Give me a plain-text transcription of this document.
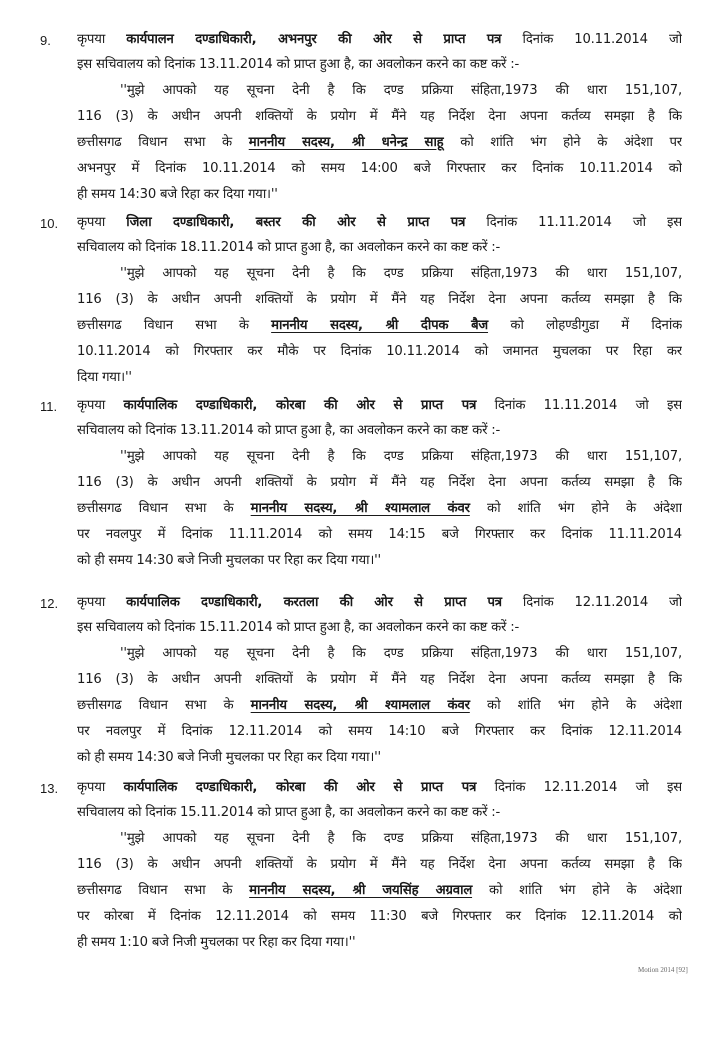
9. कृपया कार्यपालन दण्डाधिकारी, अभनपुर की ओर से प्राप्त पत्र दिनांक 10.11.2014 जो
इस सचिवालय को दिनांक 13.11.2014 को प्राप्त हुआ है, का अवलोकन करने का कष्ट करें :-
''मुझे आपको यह सूचना देनी है कि दण्ड प्रक्रिया संहिता,1973 की धारा 151,107,
116 (3) के अधीन अपनी शक्तियों के प्रयोग में मैंने यह निर्देश देना अपना कर्तव्य समझा है कि
छत्तीसगढ विधान सभा के माननीय सदस्य, श्री धनेन्द्र साहू को शांति भंग होने के अंदेशा पर
अभनपुर में दिनांक 10.11.2014 को समय 14:00 बजे गिरफ्तार कर दिनांक 10.11.2014 को
ही समय 14:30 बजे रिहा कर दिया गया।''
10. कृपया जिला दण्डाधिकारी, बस्तर की ओर से प्राप्त पत्र दिनांक 11.11.2014 जो इस
सचिवालय को दिनांक 18.11.2014 को प्राप्त हुआ है, का अवलोकन करने का कष्ट करें :-
''मुझे आपको यह सूचना देनी है कि दण्ड प्रक्रिया संहिता,1973 की धारा 151,107,
116 (3) के अधीन अपनी शक्तियों के प्रयोग में मैंने यह निर्देश देना अपना कर्तव्य समझा है कि
छत्तीसगढ विधान सभा के माननीय सदस्य, श्री दीपक बैज को लोहण्डीगुडा में दिनांक
10.11.2014 को गिरफ्तार कर मौके पर दिनांक 10.11.2014 को जमानत मुचलका पर रिहा कर
दिया गया।''
11. कृपया कार्यपालिक दण्डाधिकारी, कोरबा की ओर से प्राप्त पत्र दिनांक 11.11.2014 जो इस
सचिवालय को दिनांक 13.11.2014 को प्राप्त हुआ है, का अवलोकन करने का कष्ट करें :-
''मुझे आपको यह सूचना देनी है कि दण्ड प्रक्रिया संहिता,1973 की धारा 151,107,
116 (3) के अधीन अपनी शक्तियों के प्रयोग में मैंने यह निर्देश देना अपना कर्तव्य समझा है कि
छत्तीसगढ विधान सभा के माननीय सदस्य, श्री श्यामलाल कंवर को शांति भंग होने के अंदेशा
पर नवलपुर में दिनांक 11.11.2014 को समय 14:15 बजे गिरफ्तार कर दिनांक 11.11.2014
को ही समय 14:30 बजे निजी मुचलका पर रिहा कर दिया गया।''
12. कृपया कार्यपालिक दण्डाधिकारी, करतला की ओर से प्राप्त पत्र दिनांक 12.11.2014 जो
इस सचिवालय को दिनांक 15.11.2014 को प्राप्त हुआ है, का अवलोकन करने का कष्ट करें :-
''मुझे आपको यह सूचना देनी है कि दण्ड प्रक्रिया संहिता,1973 की धारा 151,107,
116 (3) के अधीन अपनी शक्तियों के प्रयोग में मैंने यह निर्देश देना अपना कर्तव्य समझा है कि
छत्तीसगढ विधान सभा के माननीय सदस्य, श्री श्यामलाल कंवर को शांति भंग होने के अंदेशा
पर नवलपुर में दिनांक 12.11.2014 को समय 14:10 बजे गिरफ्तार कर दिनांक 12.11.2014
को ही समय 14:30 बजे निजी मुचलका पर रिहा कर दिया गया।''
13. कृपया कार्यपालिक दण्डाधिकारी, कोरबा की ओर से प्राप्त पत्र दिनांक 12.11.2014 जो इस
सचिवालय को दिनांक 15.11.2014 को प्राप्त हुआ है, का अवलोकन करने का कष्ट करें :-
''मुझे आपको यह सूचना देनी है कि दण्ड प्रक्रिया संहिता,1973 की धारा 151,107,
116 (3) के अधीन अपनी शक्तियों के प्रयोग में मैंने यह निर्देश देना अपना कर्तव्य समझा है कि
छत्तीसगढ विधान सभा के माननीय सदस्य, श्री जयसिंह अग्रवाल को शांति भंग होने के अंदेशा
पर कोरबा में दिनांक 12.11.2014 को समय 11:30 बजे गिरफ्तार कर दिनांक 12.11.2014 को
ही समय 1:10 बजे निजी मुचलका पर रिहा कर दिया गया।''
Motion 2014 [92]
